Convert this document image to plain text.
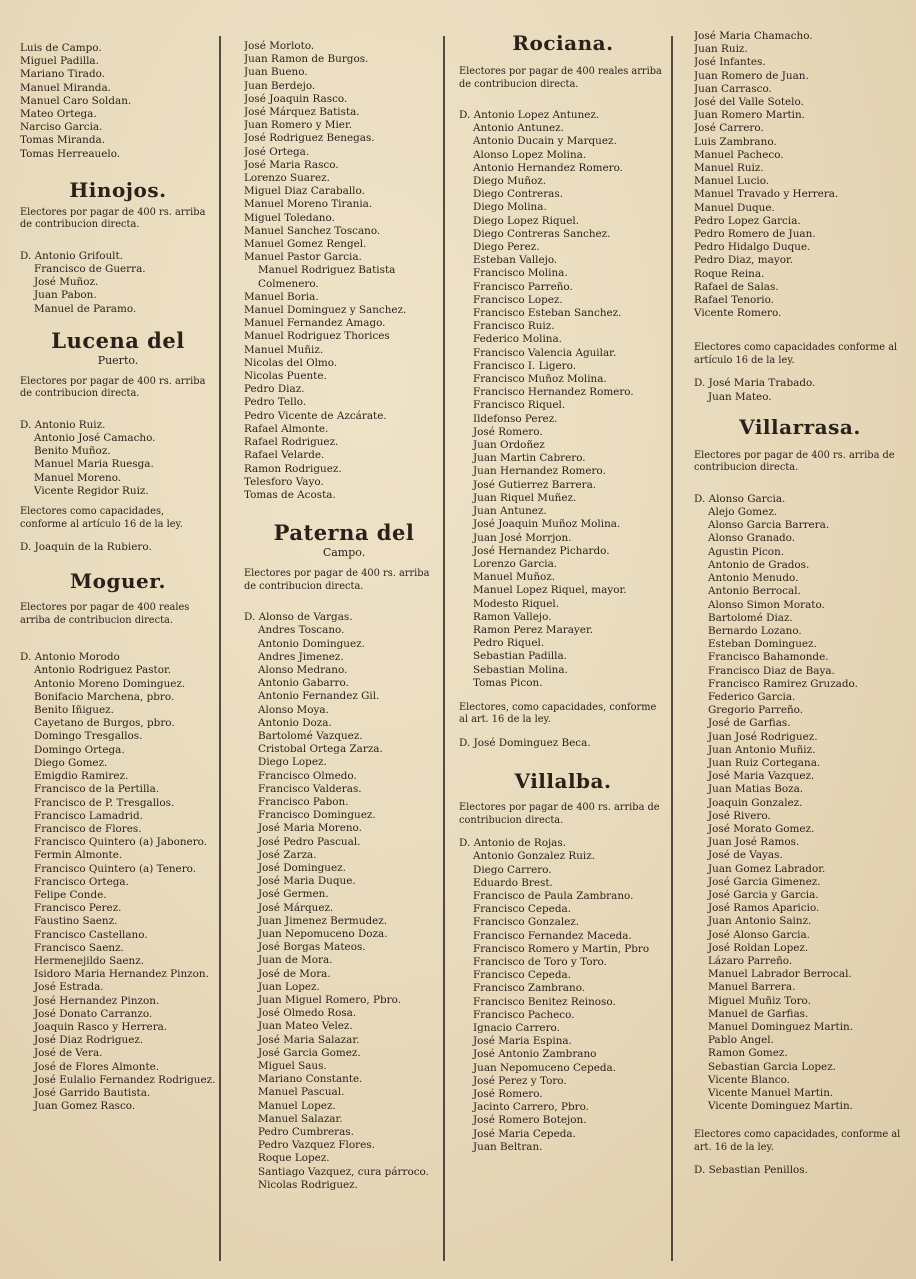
Luis de Campo.
Miguel Padilla.
Mariano Tirado.
Manuel Miranda.
Manuel Caro Soldan.
Mateo Ortega.
Narciso Garcia.
Tomas Miranda.
Tomas Herreauelo.
Hinojos.
Electores por pagar de 400 rs. arriba de contribucion directa.
D. Antonio Grifoult.
Francisco de Guerra.
José Muñoz.
Juan Pabon.
Manuel de Paramo.
Lucena del
Puerto.
Electores por pagar de 400 rs. arriba de contribucion directa.
D. Antonio Ruiz.
Antonio José Camacho.
Benito Muñoz.
Manuel Maria Ruesga.
Manuel Moreno.
Vicente Regidor Ruiz.
Electores como capacidades, conforme al artículo 16 de la ley.
D. Joaquin de la Rubiero.
Moguer.
Electores por pagar de 400 reales arriba de contribucion directa.
D. Antonio Morodo
Antonio Rodriguez Pastor.
Antonio Moreno Dominguez.
Bonifacio Marchena, pbro.
Benito Iñiguez.
Cayetano de Burgos, pbro.
Domingo Tresgallos.
Domingo Ortega.
Diego Gomez.
Emigdio Ramirez.
Francisco de la Pertilla.
Francisco de P. Tresgallos.
Francisco Lamadrid.
Francisco de Flores.
Francisco Quintero (a) Jabonero.
Fermin Almonte.
Francisco Quintero (a) Tenero.
Francisco Ortega.
Felipe Conde.
Francisco Perez.
Faustino Saenz.
Francisco Castellano.
Francisco Saenz.
Hermenejildo Saenz.
Isidoro Maria Hernandez Pinzon.
José Estrada.
José Hernandez Pinzon.
José Donato Carranzo.
Joaquin Rasco y Herrera.
José Diaz Rodriguez.
José de Vera.
José de Flores Almonte.
José Eulalio Fernandez Rodriguez.
José Garrido Bautista.
Juan Gomez Rasco.
José Morloto.
Juan Ramon de Burgos.
Juan Bueno.
Juan Berdejo.
José Joaquin Rasco.
José Márquez Batista.
Juan Romero y Mier.
José Rodriguez Benegas.
José Ortega.
José Maria Rasco.
Lorenzo Suarez.
Miguel Diaz Caraballo.
Manuel Moreno Tirania.
Miguel Toledano.
Manuel Sanchez Toscano.
Manuel Gomez Rengel.
Manuel Pastor Garcia.
Manuel Rodriguez Batista Colmenero.
Manuel Boria.
Manuel Dominguez y Sanchez.
Manuel Fernandez Amago.
Manuel Rodriguez Thorices
Manuel Muñiz.
Nicolas del Olmo.
Nicolas Puente.
Pedro Diaz.
Pedro Tello.
Pedro Vicente de Azcárate.
Rafael Almonte.
Rafael Rodriguez.
Rafael Velarde.
Ramon Rodriguez.
Telesforo Vayo.
Tomas de Acosta.
Paterna del
Campo.
Electores por pagar de 400 rs. arriba de contribucion directa.
D. Alonso de Vargas.
Andres Toscano.
Antonio Dominguez.
Andres Jimenez.
Alonso Medrano.
Antonio Gabarro.
Antonio Fernandez Gil.
Alonso Moya.
Antonio Doza.
Bartolomé Vazquez.
Cristobal Ortega Zarza.
Diego Lopez.
Francisco Olmedo.
Francisco Valderas.
Francisco Pabon.
Francisco Dominguez.
José Maria Moreno.
José Pedro Pascual.
José Zarza.
José Dominguez.
José Maria Duque.
José Germen.
José Márquez.
Juan Jimenez Bermudez.
Juan Nepomuceno Doza.
José Borgas Mateos.
Juan de Mora.
José de Mora.
Juan Lopez.
Juan Miguel Romero, Pbro.
José Olmedo Rosa.
Juan Mateo Velez.
José Maria Salazar.
José Garcia Gomez.
Miguel Saus.
Mariano Constante.
Manuel Pascual.
Manuel Lopez.
Manuel Salazar.
Pedro Cumbreras.
Pedro Vazquez Flores.
Roque Lopez.
Santiago Vazquez, cura párroco.
Nicolas Rodriguez.
Rociana.
Electores por pagar de 400 reales arriba de contribucion directa.
D. Antonio Lopez Antunez.
Antonio Antunez.
Antonio Ducain y Marquez.
Alonso Lopez Molina.
Antonio Hernandez Romero.
Diego Muñoz.
Diego Contreras.
Diego Molina.
Diego Lopez Riquel.
Diego Contreras Sanchez.
Diego Perez.
Esteban Vallejo.
Francisco Molina.
Francisco Parreño.
Francisco Lopez.
Francisco Esteban Sanchez.
Francisco Ruiz.
Federico Molina.
Francisco Valencia Aguilar.
Francisco I. Ligero.
Francisco Muñoz Molina.
Francisco Hernandez Romero.
Francisco Riquel.
Ildefonso Perez.
José Romero.
Juan Ordoñez
Juan Martin Cabrero.
Juan Hernandez Romero.
José Gutierrez Barrera.
Juan Riquel Muñez.
Juan Antunez.
José Joaquin Muñoz Molina.
Juan José Morrjon.
José Hernandez Pichardo.
Lorenzo Garcia.
Manuel Muñoz.
Manuel Lopez Riquel, mayor.
Modesto Riquel.
Ramon Vallejo.
Ramon Perez Marayer.
Pedro Riquel.
Sebastian Padilla.
Sebastian Molina.
Tomas Picon.
Electores, como capacidades, conforme al art. 16 de la ley.
D. José Dominguez Beca.
Villalba.
Electores por pagar de 400 rs. arriba de contribucion directa.
D. Antonio de Rojas.
Antonio Gonzalez Ruiz.
Diego Carrero.
Eduardo Brest.
Francisco de Paula Zambrano.
Francisco Cepeda.
Francisco Gonzalez.
Francisco Fernandez Maceda.
Francisco Romero y Martin, Pbro
Francisco de Toro y Toro.
Francisco Cepeda.
Francisco Zambrano.
Francisco Benitez Reinoso.
Francisco Pacheco.
Ignacio Carrero.
José Maria Espina.
José Antonio Zambrano
Juan Nepomuceno Cepeda.
José Perez y Toro.
José Romero.
Jacinto Carrero, Pbro.
José Romero Botejon.
José Maria Cepeda.
Juan Beltran.
José Maria Chamacho.
Juan Ruiz.
José Infantes.
Juan Romero de Juan.
Juan Carrasco.
José del Valle Sotelo.
Juan Romero Martin.
José Carrero.
Luis Zambrano.
Manuel Pacheco.
Manuel Ruiz.
Manuel Lucio.
Manuel Travado y Herrera.
Manuel Duque.
Pedro Lopez Garcia.
Pedro Romero de Juan.
Pedro Hidalgo Duque.
Pedro Diaz, mayor.
Roque Reina.
Rafael de Salas.
Rafael Tenorio.
Vicente Romero.
Electores como capacidades conforme al artículo 16 de la ley.
D. José Maria Trabado.
Juan Mateo.
Villarrasa.
Electores por pagar de 400 rs. arriba de contribucion directa.
D. Alonso Garcia.
Alejo Gomez.
Alonso Garcia Barrera.
Alonso Granado.
Agustin Picon.
Antonio de Grados.
Antonio Menudo.
Antonio Berrocal.
Alonso Simon Morato.
Bartolomé Diaz.
Bernardo Lozano.
Esteban Dominguez.
Francisco Bahamonde.
Francisco Diaz de Baya.
Francisco Ramirez Gruzado.
Federico Garcia.
Gregorio Parreño.
José de Garfias.
Juan José Rodriguez.
Juan Antonio Muñiz.
Juan Ruiz Cortegana.
José Maria Vazquez.
Juan Matias Boza.
Joaquin Gonzalez.
José Rivero.
José Morato Gomez.
Juan José Ramos.
José de Vayas.
Juan Gomez Labrador.
José Garcia Gimenez.
José Garcia y Garcia.
José Ramos Aparicio.
Juan Antonio Sainz.
José Alonso Garcia.
José Roldan Lopez.
Lázaro Parreño.
Manuel Labrador Berrocal.
Manuel Barrera.
Miguel Muñiz Toro.
Manuel de Garfias.
Manuel Dominguez Martin.
Pablo Angel.
Ramon Gomez.
Sebastian Garcia Lopez.
Vicente Blanco.
Vicente Manuel Martin.
Vicente Dominguez Martin.
Electores como capacidades, conforme al art. 16 de la ley.
D. Sebastian Penillos.
